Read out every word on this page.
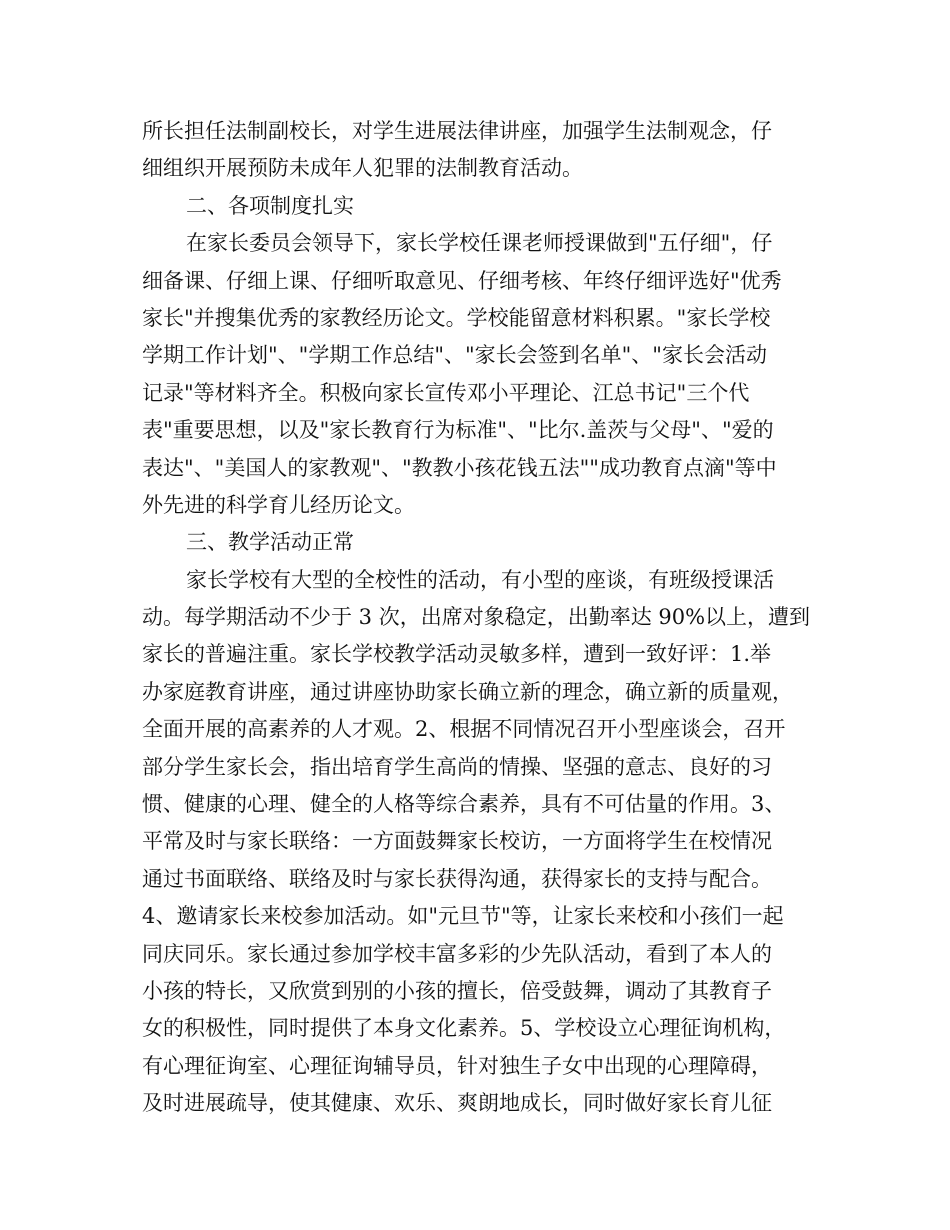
所长担任法制副校长，对学生进展法律讲座，加强学生法制观念，仔
细组织开展预防未成年人犯罪的法制教育活动。
二、各项制度扎实
在家长委员会领导下，家长学校任课老师授课做到"五仔细"，仔
细备课、仔细上课、仔细听取意见、仔细考核、年终仔细评选好"优秀
家长"并搜集优秀的家教经历论文。学校能留意材料积累。"家长学校
学期工作计划"、"学期工作总结"、"家长会签到名单"、"家长会活动
记录"等材料齐全。积极向家长宣传邓小平理论、江总书记"三个代
表"重要思想，以及"家长教育行为标准"、"比尔.盖茨与父母"、"爱的
表达"、"美国人的家教观"、"教教小孩花钱五法""成功教育点滴"等中
外先进的科学育儿经历论文。
三、教学活动正常
家长学校有大型的全校性的活动，有小型的座谈，有班级授课活
动。每学期活动不少于 3 次，出席对象稳定，出勤率达 90%以上，遭到
家长的普遍注重。家长学校教学活动灵敏多样，遭到一致好评：1.举
办家庭教育讲座，通过讲座协助家长确立新的理念，确立新的质量观，
全面开展的高素养的人才观。2、根据不同情况召开小型座谈会，召开
部分学生家长会，指出培育学生高尚的情操、坚强的意志、良好的习
惯、健康的心理、健全的人格等综合素养，具有不可估量的作用。3、
平常及时与家长联络：一方面鼓舞家长校访，一方面将学生在校情况
通过书面联络、联络及时与家长获得沟通，获得家长的支持与配合。
4、邀请家长来校参加活动。如"元旦节"等，让家长来校和小孩们一起
同庆同乐。家长通过参加学校丰富多彩的少先队活动，看到了本人的
小孩的特长，又欣赏到别的小孩的擅长，倍受鼓舞，调动了其教育子
女的积极性，同时提供了本身文化素养。5、学校设立心理征询机构，
有心理征询室、心理征询辅导员，针对独生子女中出现的心理障碍，
及时进展疏导，使其健康、欢乐、爽朗地成长，同时做好家长育儿征
